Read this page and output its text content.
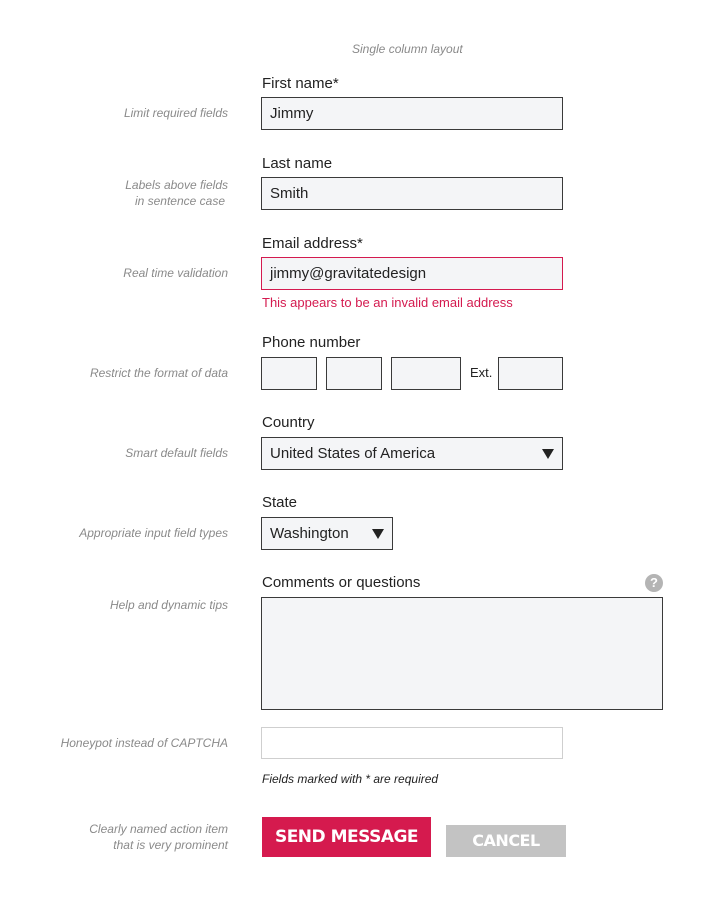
Single column layout
Limit required fields
First name*
Jimmy
Labels above fields
in sentence case
Last name
Smith
Real time validation
Email address*
jimmy@gravitatedesign
This appears to be an invalid email address
Restrict the format of data
Phone number
Ext.
Smart default fields
Country
United States of America
Appropriate input field types
State
Washington
Help and dynamic tips
Comments or questions	?
Honeypot instead of CAPTCHA
Fields marked with * are required
Clearly named action item
that is very prominent	SEND MESSAGE	CANCEL
